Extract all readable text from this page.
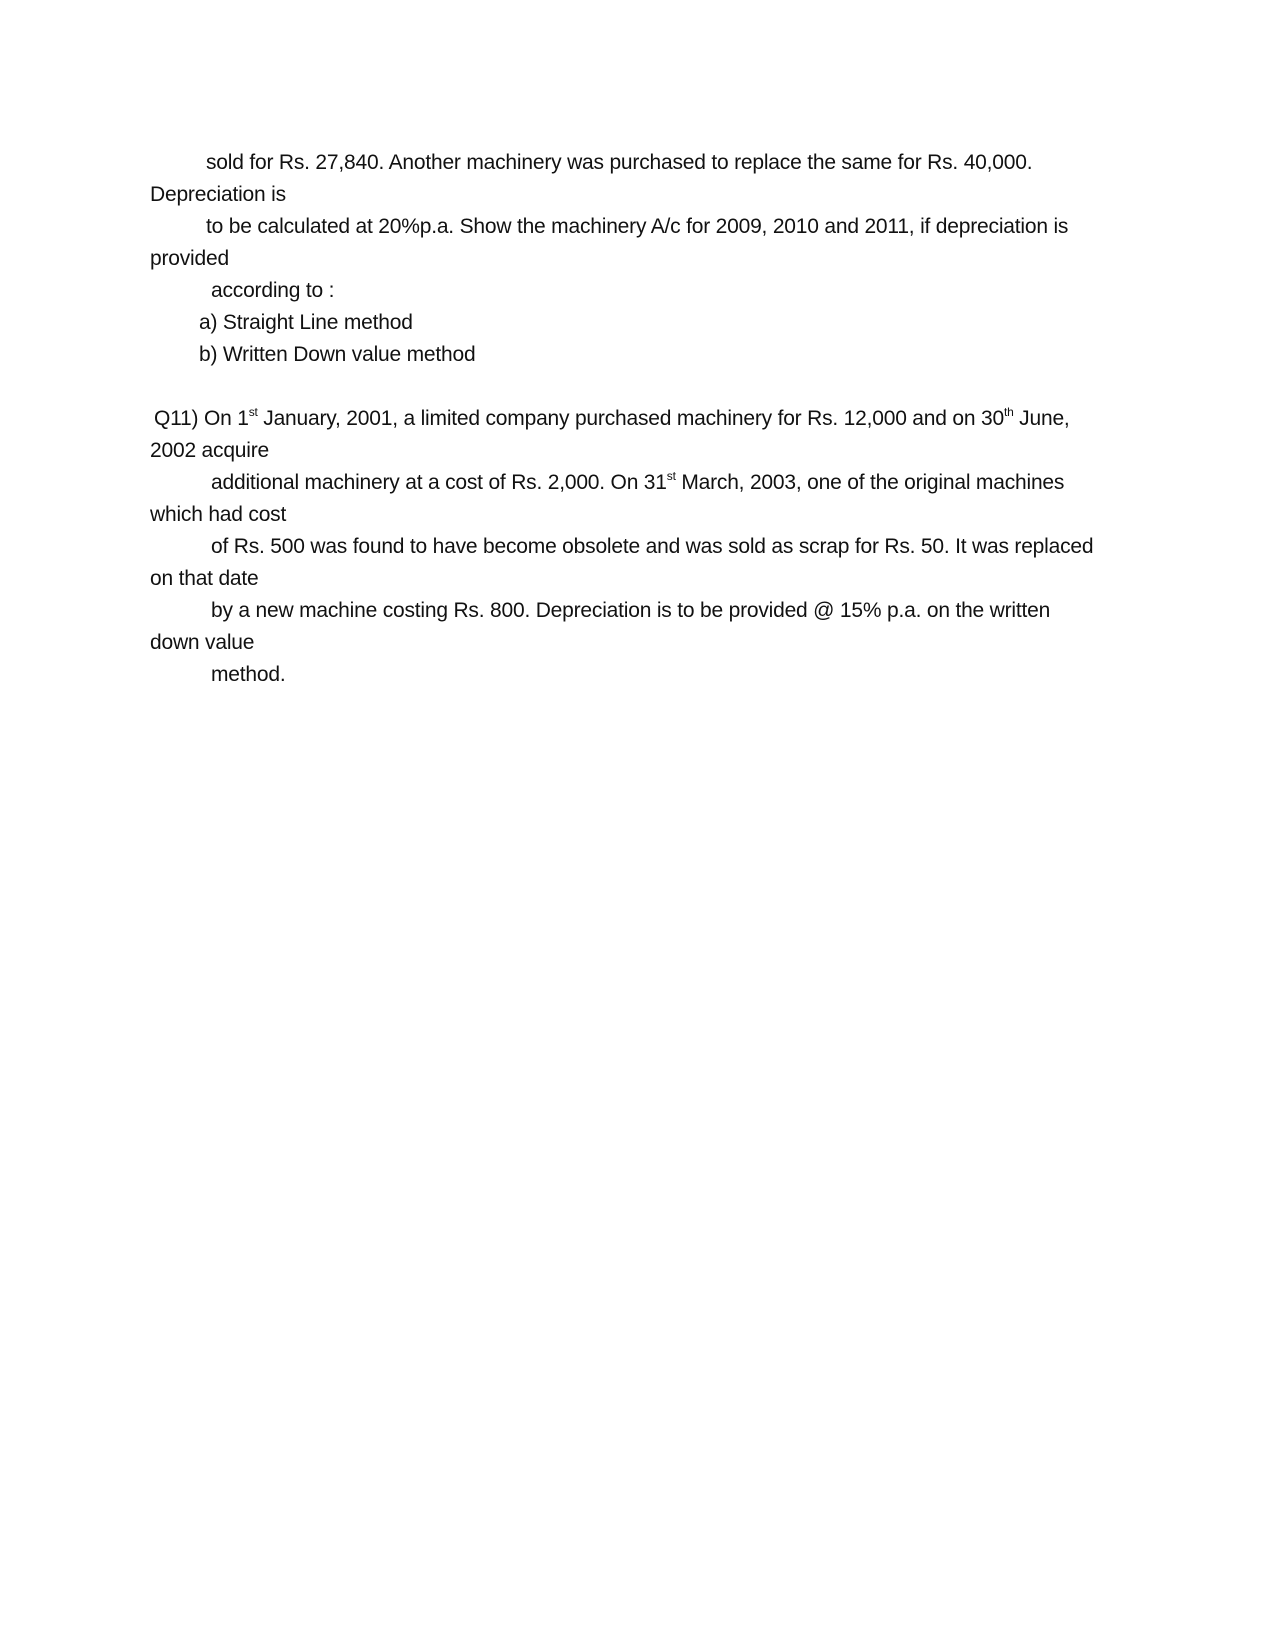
sold for Rs. 27,840. Another machinery was purchased to replace the same for Rs. 40,000.
Depreciation is
to be calculated at 20%p.a. Show the machinery A/c for 2009, 2010 and 2011, if depreciation is
provided
according to :
a) Straight Line method
b) Written Down value method
Q11) On 1st January, 2001, a limited company purchased machinery for Rs. 12,000 and on 30th June,
2002 acquire
additional machinery at a cost of Rs. 2,000. On 31st March, 2003, one of the original machines
which had cost
of Rs. 500 was found to have become obsolete and was sold as scrap for Rs. 50. It was replaced
on that date
by a new machine costing Rs. 800. Depreciation is to be provided @ 15% p.a. on the written
down value
method.
